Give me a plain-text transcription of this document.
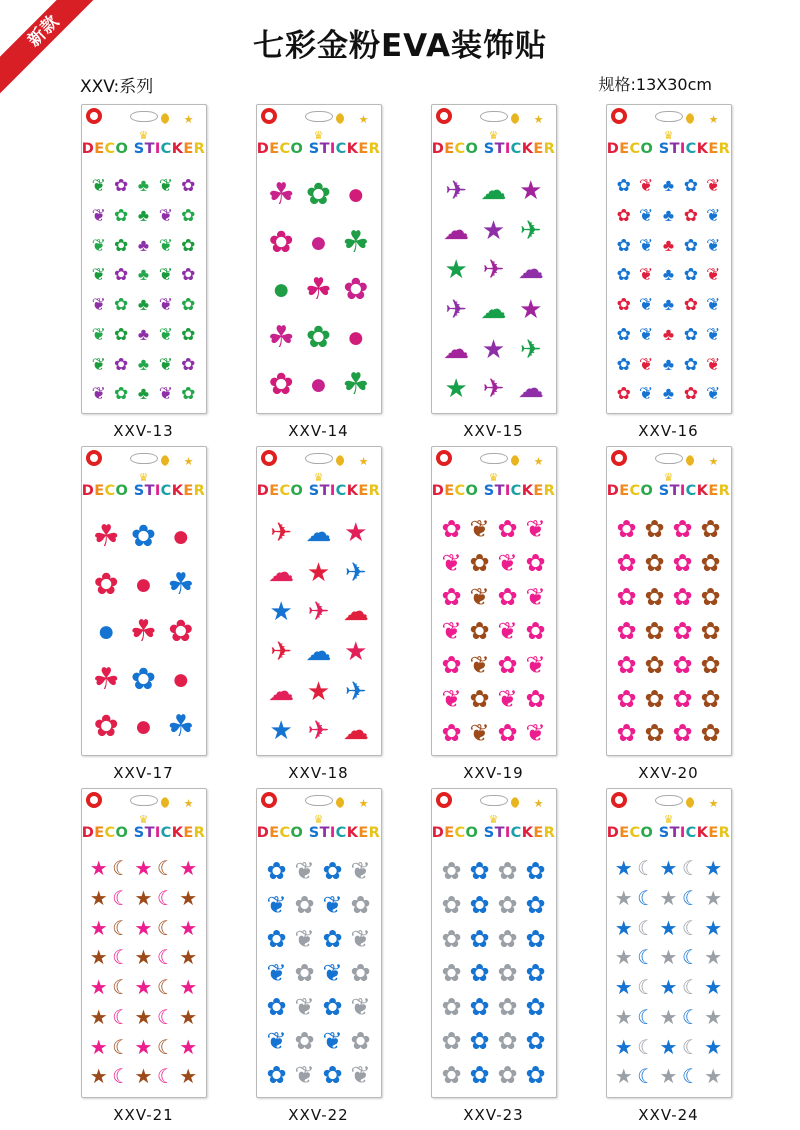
新款	七彩金粉EVA装饰贴
XXV:系列	规格:13X30cm
★
♛
DECO STICKER
❦ ✿ ♣ ❦ ✿
❦ ✿ ♣ ❦ ✿
❦ ✿ ♣ ❦ ✿
❦ ✿ ♣ ❦ ✿
❦ ✿ ♣ ❦ ✿
❦ ✿ ♣ ❦ ✿
❦ ✿ ♣ ❦ ✿
❦ ✿ ♣ ❦ ✿
XXV-13
★
♛
DECO STICKER
☘ ✿ ●
✿ ● ☘
● ☘ ✿
☘ ✿ ●
✿ ● ☘
XXV-14
★
♛
DECO STICKER
✈ ☁ ★
☁ ★ ✈
★ ✈ ☁
✈ ☁ ★
☁ ★ ✈
★ ✈ ☁
XXV-15
★
♛
DECO STICKER
✿ ❦ ♣ ✿ ❦
✿ ❦ ♣ ✿ ❦
✿ ❦ ♣ ✿ ❦
✿ ❦ ♣ ✿ ❦
✿ ❦ ♣ ✿ ❦
✿ ❦ ♣ ✿ ❦
✿ ❦ ♣ ✿ ❦
✿ ❦ ♣ ✿ ❦
XXV-16
★
♛
DECO STICKER
☘ ✿ ●
✿ ● ☘
● ☘ ✿
☘ ✿ ●
✿ ● ☘
XXV-17
★
♛
DECO STICKER
✈ ☁ ★
☁ ★ ✈
★ ✈ ☁
✈ ☁ ★
☁ ★ ✈
★ ✈ ☁
XXV-18
★
♛
DECO STICKER
✿ ❦ ✿ ❦
❦ ✿ ❦ ✿
✿ ❦ ✿ ❦
❦ ✿ ❦ ✿
✿ ❦ ✿ ❦
❦ ✿ ❦ ✿
✿ ❦ ✿ ❦
XXV-19
★
♛
DECO STICKER
✿ ✿ ✿ ✿
✿ ✿ ✿ ✿
✿ ✿ ✿ ✿
✿ ✿ ✿ ✿
✿ ✿ ✿ ✿
✿ ✿ ✿ ✿
✿ ✿ ✿ ✿
XXV-20
★
♛
DECO STICKER
★ ☾ ★ ☾ ★
★ ☾ ★ ☾ ★
★ ☾ ★ ☾ ★
★ ☾ ★ ☾ ★
★ ☾ ★ ☾ ★
★ ☾ ★ ☾ ★
★ ☾ ★ ☾ ★
★ ☾ ★ ☾ ★
XXV-21
★
♛
DECO STICKER
✿ ❦ ✿ ❦
❦ ✿ ❦ ✿
✿ ❦ ✿ ❦
❦ ✿ ❦ ✿
✿ ❦ ✿ ❦
❦ ✿ ❦ ✿
✿ ❦ ✿ ❦
XXV-22
★
♛
DECO STICKER
✿ ✿ ✿ ✿
✿ ✿ ✿ ✿
✿ ✿ ✿ ✿
✿ ✿ ✿ ✿
✿ ✿ ✿ ✿
✿ ✿ ✿ ✿
✿ ✿ ✿ ✿
XXV-23
★
♛
DECO STICKER
★ ☾ ★ ☾ ★
★ ☾ ★ ☾ ★
★ ☾ ★ ☾ ★
★ ☾ ★ ☾ ★
★ ☾ ★ ☾ ★
★ ☾ ★ ☾ ★
★ ☾ ★ ☾ ★
★ ☾ ★ ☾ ★
XXV-24
